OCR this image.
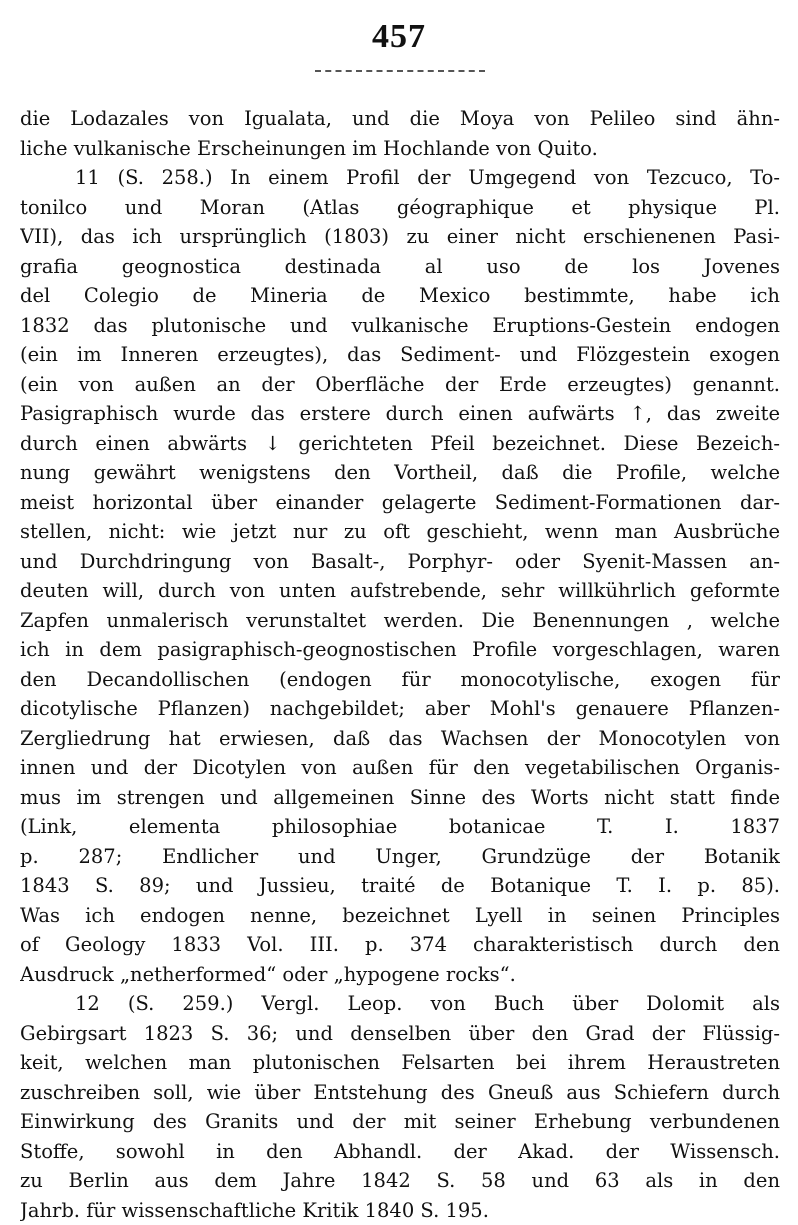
457
die Lodazales von Igualata, und die Moya von Pelileo sind ähn-
liche vulkanische Erscheinungen im Hochlande von Quito.
11 (S. 258.) In einem Profil der Umgegend von Tezcuco, To-
tonilco und Moran (Atlas géographique et physique Pl.
VII), das ich ursprünglich (1803) zu einer nicht erschienenen Pasi-
grafia geognostica destinada al uso de los Jovenes
del Colegio de Mineria de Mexico bestimmte, habe ich
1832 das plutonische und vulkanische Eruptions-Gestein endogen
(ein im Inneren erzeugtes), das Sediment- und Flözgestein exogen
(ein von außen an der Oberfläche der Erde erzeugtes) genannt.
Pasigraphisch wurde das erstere durch einen aufwärts ↑, das zweite
durch einen abwärts ↓ gerichteten Pfeil bezeichnet. Diese Bezeich-
nung gewährt wenigstens den Vortheil, daß die Profile, welche
meist horizontal über einander gelagerte Sediment-Formationen dar-
stellen, nicht: wie jetzt nur zu oft geschieht, wenn man Ausbrüche
und Durchdringung von Basalt-, Porphyr- oder Syenit-Massen an-
deuten will, durch von unten aufstrebende, sehr willkührlich geformte
Zapfen unmalerisch verunstaltet werden. Die Benennungen , welche
ich in dem pasigraphisch-geognostischen Profile vorgeschlagen, waren
den Decandollischen (endogen für monocotylische, exogen für
dicotylische Pflanzen) nachgebildet; aber Mohl's genauere Pflanzen-
Zergliedrung hat erwiesen, daß das Wachsen der Monocotylen von
innen und der Dicotylen von außen für den vegetabilischen Organis-
mus im strengen und allgemeinen Sinne des Worts nicht statt finde
(Link, elementa philosophiae botanicae T. I. 1837
p. 287; Endlicher und Unger, Grundzüge der Botanik
1843 S. 89; und Jussieu, traité de Botanique T. I. p. 85).
Was ich endogen nenne, bezeichnet Lyell in seinen Principles
of Geology 1833 Vol. III. p. 374 charakteristisch durch den
Ausdruck „netherformed“ oder „hypogene rocks“.
12 (S. 259.) Vergl. Leop. von Buch über Dolomit als
Gebirgsart 1823 S. 36; und denselben über den Grad der Flüssig-
keit, welchen man plutonischen Felsarten bei ihrem Heraustreten
zuschreiben soll, wie über Entstehung des Gneuß aus Schiefern durch
Einwirkung des Granits und der mit seiner Erhebung verbundenen
Stoffe, sowohl in den Abhandl. der Akad. der Wissensch.
zu Berlin aus dem Jahre 1842 S. 58 und 63 als in den
Jahrb. für wissenschaftliche Kritik 1840 S. 195.
